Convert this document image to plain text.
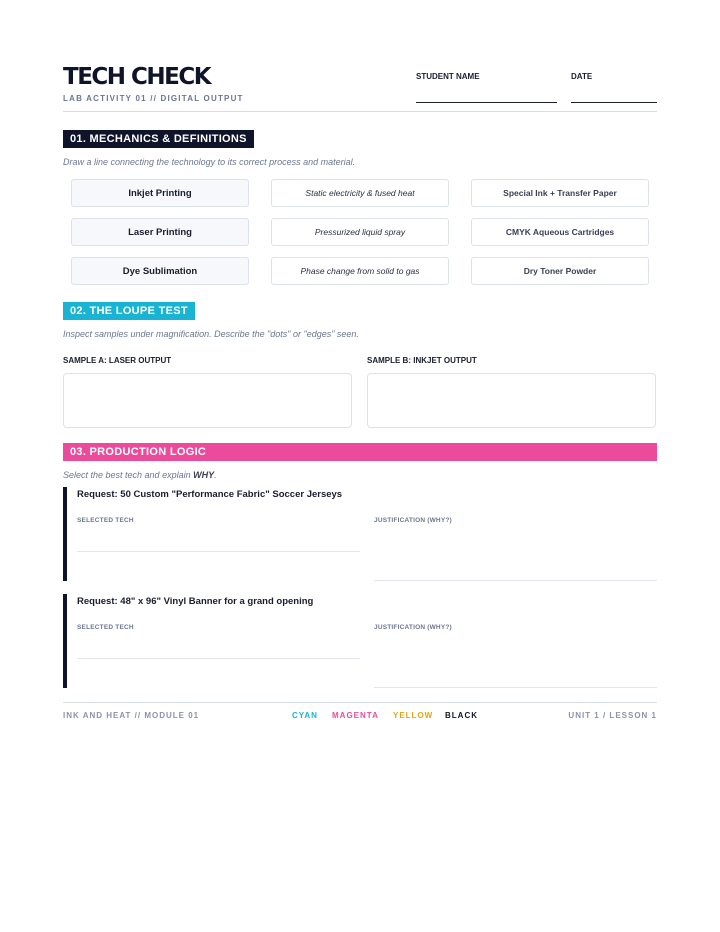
TECH CHECK
LAB ACTIVITY 01 // DIGITAL OUTPUT
STUDENT NAME	DATE
01. MECHANICS & DEFINITIONS
Draw a line connecting the technology to its correct process and material.
Inkjet Printing
Laser Printing
Dye Sublimation
Static electricity & fused heat
Pressurized liquid spray
Phase change from solid to gas
Special Ink + Transfer Paper
CMYK Aqueous Cartridges
Dry Toner Powder
02. THE LOUPE TEST
Inspect samples under magnification. Describe the "dots" or "edges" seen.
SAMPLE A: LASER OUTPUT	SAMPLE B: INKJET OUTPUT
03. PRODUCTION LOGIC
Select the best tech and explain WHY.
Request: 50 Custom "Performance Fabric" Soccer Jerseys
SELECTED TECH	JUSTIFICATION (WHY?)
Request: 48" x 96" Vinyl Banner for a grand opening
SELECTED TECH	JUSTIFICATION (WHY?)
INK AND HEAT // MODULE 01	CYAN MAGENTA YELLOW BLACK	UNIT 1 / LESSON 1
